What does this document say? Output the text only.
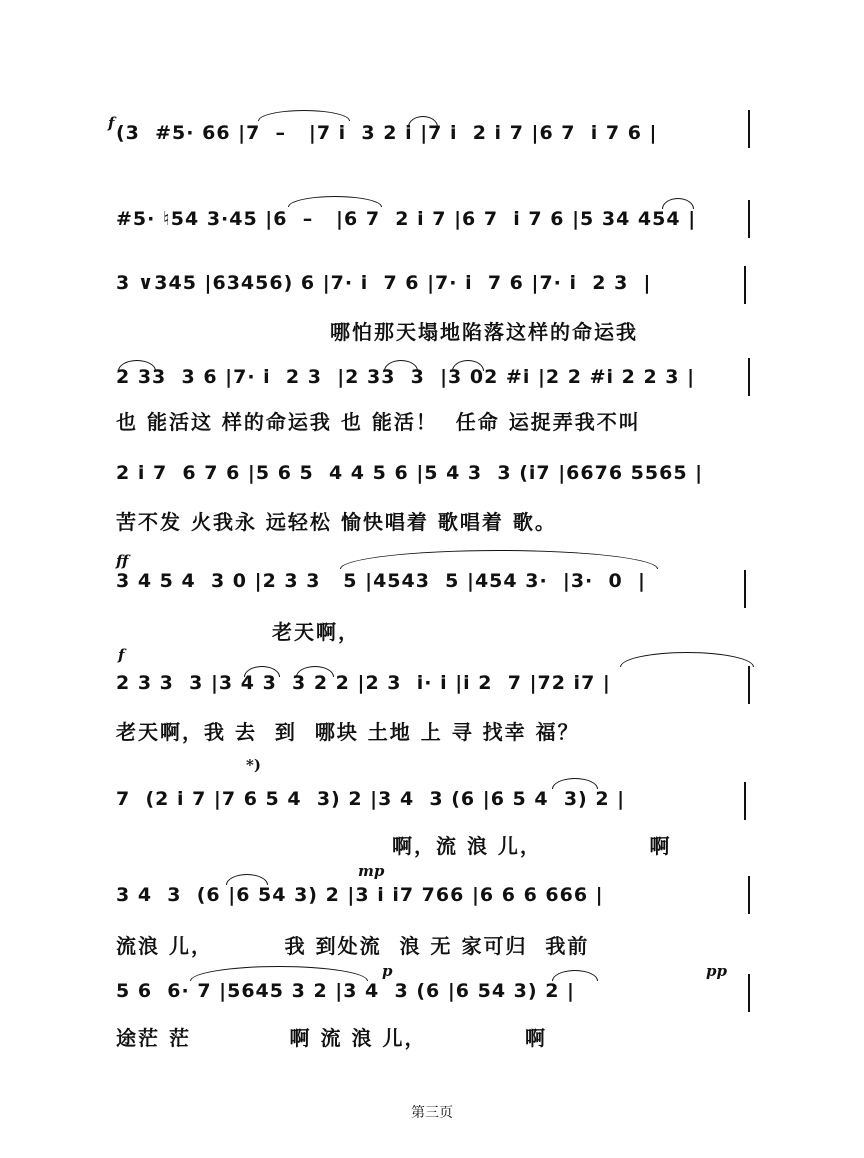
f

(3  #5· 66 |7  –   |7 i  3 2 i |7 i  2 i 7 |6 7  i 7 6 |

#5· ♮54 3·45 |6  –   |6 7  2 i 7 |6 7  i 7 6 |5 34 454 |

3 ∨345 |63456) 6 |7· i  7 6 |7· i  7 6 |7· i  2 3  |

哪怕那天塌地陷落这样的命运我

2 33  3 6 |7· i  2 3  |2 33  3  |3 02 #i |2 2 #i 2 2 3 |

也 能活这 样的命运我 也 能活！  任命 运捉弄我不叫

2 i 7  6 7 6 |5 6 5  4 4 5 6 |5 4 3  3 (i7 |6676 5565 |

苦不发 火我永 远轻松 愉快唱着 歌唱着 歌。
ff

3 4 5 4  3 0 |2 3 3   5 |4543  5 |454 3·  |3·  0  |

老天啊，
f

2 3 3  3 |3 4 3  3 2 2 |2 3  i· i |i 2  7 |72 i7 |

老天啊，我 去  到  哪块 土地 上 寻 找幸 福？
*)

7  (2 i 7 |7 6 5 4  3) 2 |3 4  3 (6 |6 5 4  3) 2 |

啊，流 浪 儿，            啊
mp

3 4  3  (6 |6 54 3) 2 |3 i i7 766 |6 6 6 666 |

流浪 儿，        我 到处流  浪 无 家可归  我前
p	pp

5 6  6· 7 |5645 3 2 |3 4  3 (6 |6 54 3) 2 |

途茫 茫           啊 流 浪 儿，           啊
第三页
